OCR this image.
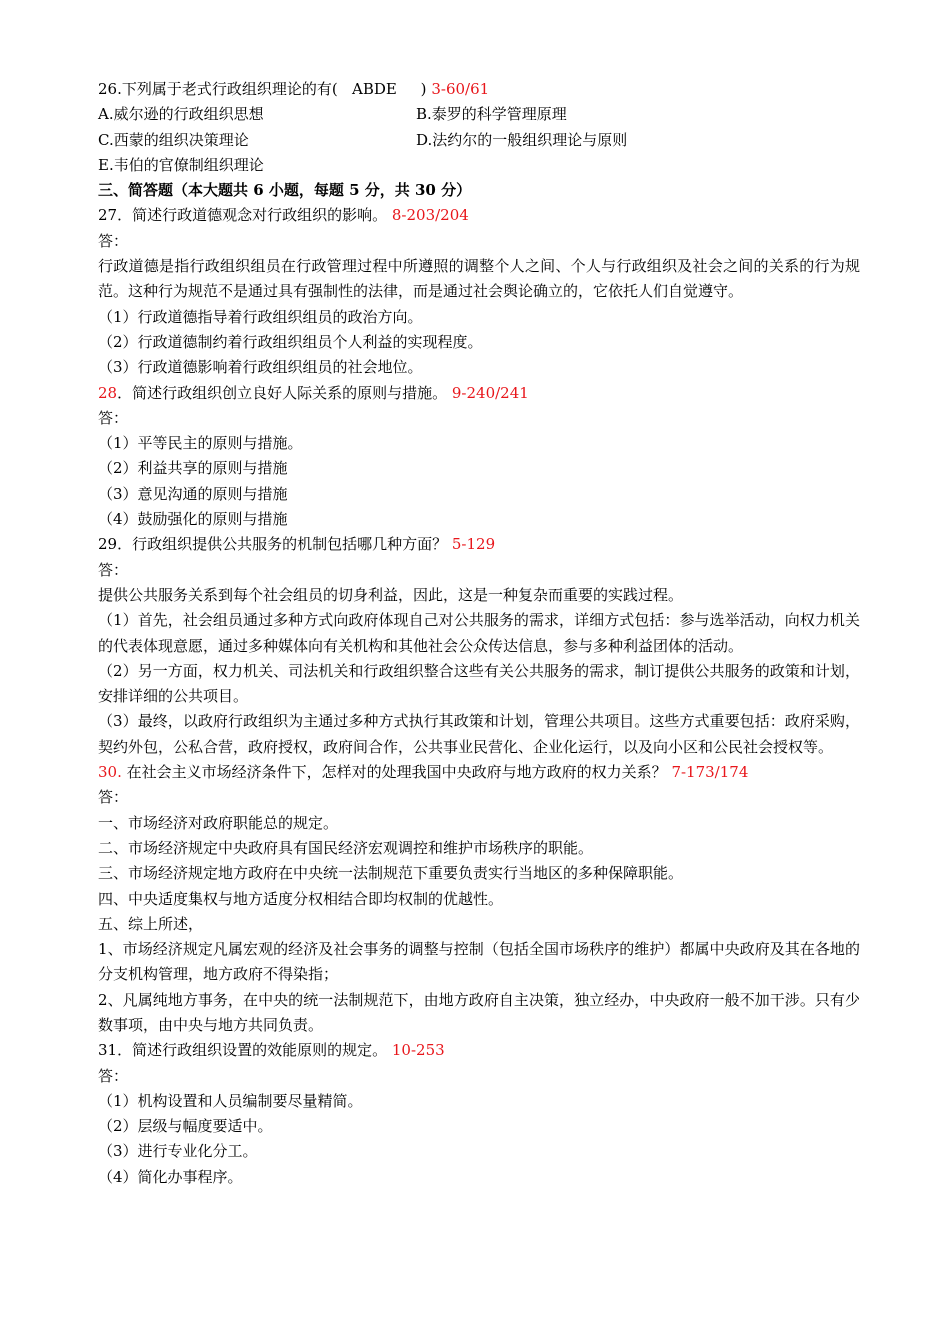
26.下列属于老式行政组织理论的有(   ABDE     ) 3-60/61
A.威尔逊的行政组织思想	B.泰罗的科学管理原理
C.西蒙的组织决策理论	D.法约尔的一般组织理论与原则
E.韦伯的官僚制组织理论
三、简答题（本大题共 6 小题，每题 5 分，共 30 分）
27．简述行政道德观念对行政组织的影响。 8-203/204
答：
行政道德是指行政组织组员在行政管理过程中所遵照的调整个人之间、个人与行政组织及社会之间的关系的行为规范。这种行为规范不是通过具有强制性的法律，而是通过社会舆论确立的，它依托人们自觉遵守。
（1）行政道德指导着行政组织组员的政治方向。
（2）行政道德制约着行政组织组员个人利益的实现程度。
（3）行政道德影响着行政组织组员的社会地位。
28．简述行政组织创立良好人际关系的原则与措施。 9-240/241
答：
（1）平等民主的原则与措施。
（2）利益共享的原则与措施
（3）意见沟通的原则与措施
（4）鼓励强化的原则与措施
29．行政组织提供公共服务的机制包括哪几种方面？ 5-129
答：
提供公共服务关系到每个社会组员的切身利益，因此，这是一种复杂而重要的实践过程。
（1）首先，社会组员通过多种方式向政府体现自己对公共服务的需求，详细方式包括：参与选举活动，向权力机关的代表体现意愿，通过多种媒体向有关机构和其他社会公众传达信息，参与多种利益团体的活动。
（2）另一方面，权力机关、司法机关和行政组织整合这些有关公共服务的需求，制订提供公共服务的政策和计划，安排详细的公共项目。
（3）最终，以政府行政组织为主通过多种方式执行其政策和计划，管理公共项目。这些方式重要包括：政府采购，契约外包，公私合营，政府授权，政府间合作，公共事业民营化、企业化运行，以及向小区和公民社会授权等。
30. 在社会主义市场经济条件下，怎样对的处理我国中央政府与地方政府的权力关系？ 7-173/174
答：
一、市场经济对政府职能总的规定。
二、市场经济规定中央政府具有国民经济宏观调控和维护市场秩序的职能。
三、市场经济规定地方政府在中央统一法制规范下重要负责实行当地区的多种保障职能。
四、中央适度集权与地方适度分权相结合即均权制的优越性。
五、综上所述，
1、市场经济规定凡属宏观的经济及社会事务的调整与控制（包括全国市场秩序的维护）都属中央政府及其在各地的分支机构管理，地方政府不得染指；
2、凡属纯地方事务，在中央的统一法制规范下，由地方政府自主决策，独立经办，中央政府一般不加干涉。只有少数事项，由中央与地方共同负责。
31．简述行政组织设置的效能原则的规定。 10-253
答：
（1）机构设置和人员编制要尽量精简。
（2）层级与幅度要适中。
（3）进行专业化分工。
（4）简化办事程序。
